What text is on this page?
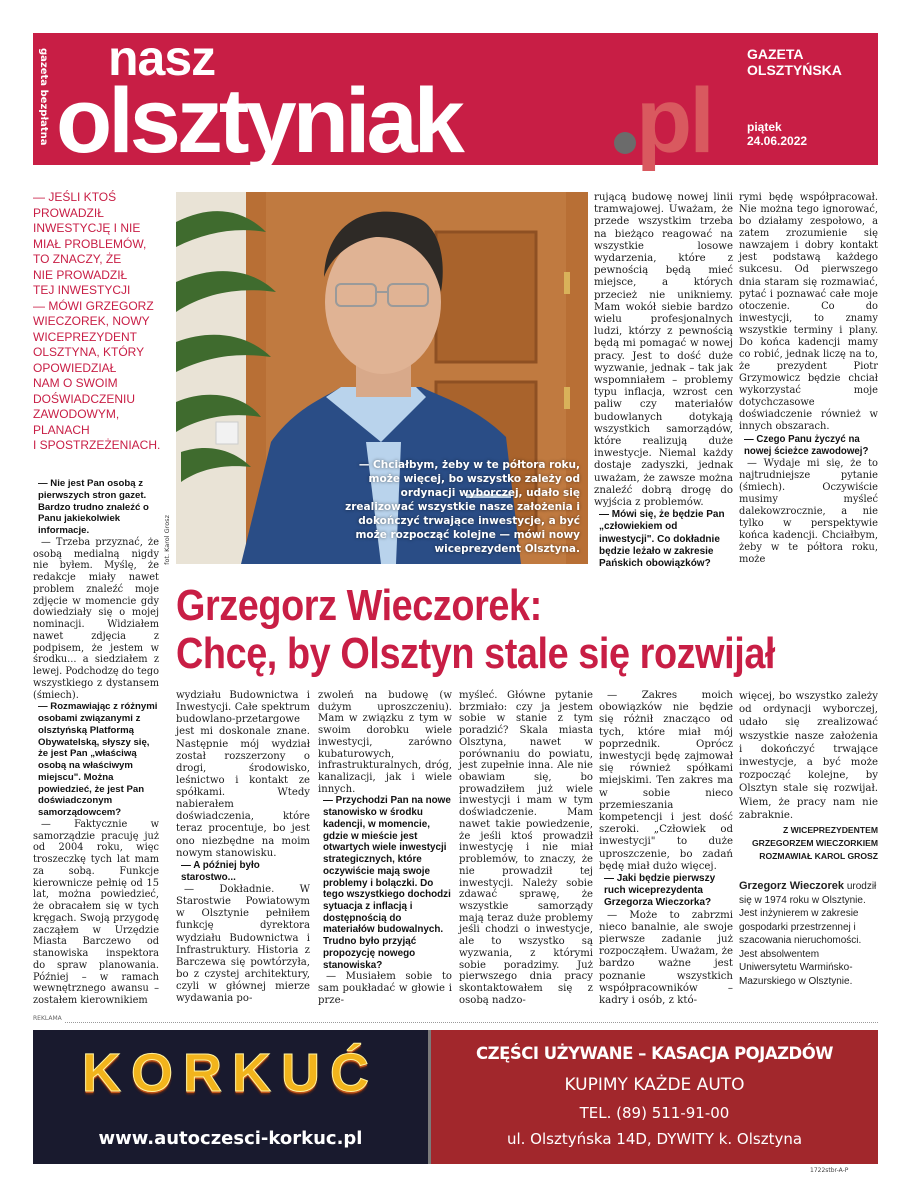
gazeta bezpłatna nasz
olsztyniak pl
GAZETA
OLSZTYŃSKA
piątek
24.06.2022
— JEŚLI KTOŚ
PROWADZIŁ
INWESTYCJĘ I NIE
MIAŁ PROBLEMÓW,
TO ZNACZY, ŻE
NIE PROWADZIŁ
TEJ INWESTYCJI
— MÓWI GRZEGORZ
WIECZOREK, NOWY
WICEPREZYDENT
OLSZTYNA, KTÓRY
OPOWIEDZIAŁ
NAM O SWOIM
DOŚWIADCZENIU
ZAWODOWYM,
PLANACH
I SPOSTRZEŻENIACH.
— Chciałbym, żeby w te półtora roku, może więcej, bo wszystko zależy od ordynacji wyborczej, udało się zrealizować wszystkie nasze założenia i dokończyć trwające inwestycje, a być może rozpocząć kolejne — mówi nowy wiceprezydent Olsztyna.
fot. Karol Grosz

— Nie jest Pan osobą z pierwszych stron gazet. Bardzo trudno znaleźć o Panu jakiekolwiek informacje.

— Trzeba przyznać, że osobą medialną nigdy nie byłem. Myślę, że redakcje miały nawet problem znaleźć moje zdjęcie w momencie gdy dowiedziały się o mojej nominacji. Widziałem nawet zdjęcia z podpisem, że jestem w środku... a siedziałem z lewej. Podchodzę do tego wszystkiego z dystansem (śmiech).

— Rozmawiając z różnymi osobami związanymi z olsztyńską Platformą Obywatelską, słyszy się, że jest Pan „właściwą osobą na właściwym miejscu". Można powiedzieć, że jest Pan doświadczonym samorządowcem?

— Faktycznie w samorządzie pracuję już od 2004 roku, więc troszeczkę tych lat mam za sobą. Funkcje kierownicze pełnię od 15 lat, można powiedzieć, że obracałem się w tych kręgach. Swoją przygodę zacząłem w Urzędzie Miasta Barczewo od stanowiska inspektora do spraw planowania. Później – w ramach wewnętrznego awansu – zostałem kierownikiem

rującą budowę nowej linii tramwajowej. Uważam, że przede wszystkim trzeba na bieżąco reagować na wszystkie losowe wydarzenia, które z pewnością będą mieć miejsce, a których przecież nie unikniemy. Mam wokół siebie bardzo wielu profesjonalnych ludzi, którzy z pewnością będą mi pomagać w nowej pracy. Jest to dość duże wyzwanie, jednak – tak jak wspomniałem – problemy typu inflacja, wzrost cen paliw czy materiałów budowlanych dotykają wszystkich samorządów, które realizują duże inwestycje. Niemal każdy dostaje zadyszki, jednak uważam, że zawsze można znaleźć dobrą drogę do wyjścia z problemów.

— Mówi się, że będzie Pan „człowiekiem od inwestycji". Co dokładnie będzie leżało w zakresie Pańskich obowiązków?

rymi będę współpracował. Nie można tego ignorować, bo działamy zespołowo, a zatem zrozumienie się nawzajem i dobry kontakt jest podstawą każdego sukcesu. Od pierwszego dnia staram się rozmawiać, pytać i poznawać całe moje otoczenie. Co do inwestycji, to znamy wszystkie terminy i plany. Do końca kadencji mamy co robić, jednak liczę na to, że prezydent Piotr Grzymowicz będzie chciał wykorzystać moje dotychczasowe doświadczenie również w innych obszarach.

— Czego Panu życzyć na nowej ścieżce zawodowej?

— Wydaje mi się, że to najtrudniejsze pytanie (śmiech). Oczywiście musimy myśleć dalekowzrocznie, a nie tylko w perspektywie końca kadencji. Chciałbym, żeby w te półtora roku, może

Grzegorz Wieczorek:
Chcę, by Olsztyn stale się rozwijał

wydziału Budownictwa i Inwestycji. Całe spektrum budowlano-przetargowe jest mi doskonale znane. Następnie mój wydział został rozszerzony o drogi, środowisko, leśnictwo i kontakt ze spółkami. Wtedy nabierałem doświadczenia, które teraz procentuje, bo jest ono niezbędne na moim nowym stanowisku.

— A później było starostwo...

— Dokładnie. W Starostwie Powiatowym w Olsztynie pełniłem funkcję dyrektora wydziału Budownictwa i Infrastruktury. Historia z Barczewa się powtórzyła, bo z czystej architektury, czyli w głównej mierze wydawania po-

zwoleń na budowę (w dużym uproszczeniu). Mam w związku z tym w swoim dorobku wiele inwestycji, zarówno kubaturowych, infrastrukturalnych, dróg, kanalizacji, jak i wiele innych.

— Przychodzi Pan na nowe stanowisko w środku kadencji, w momencie, gdzie w mieście jest otwartych wiele inwestycji strategicznych, które oczywiście mają swoje problemy i bolączki. Do tego wszystkiego dochodzi sytuacja z inflacją i dostępnością do materiałów budowalnych. Trudno było przyjąć propozycję nowego stanowiska?

— Musiałem sobie to sam poukładać w głowie i prze-

myśleć. Główne pytanie brzmiało: czy ja jestem sobie w stanie z tym poradzić? Skala miasta Olsztyna, nawet w porównaniu do powiatu, jest zupełnie inna. Ale nie obawiam się, bo prowadziłem już wiele inwestycji i mam w tym doświadczenie. Mam nawet takie powiedzenie, że jeśli ktoś prowadził inwestycję i nie miał problemów, to znaczy, że nie prowadził tej inwestycji. Należy sobie zdawać sprawę, że wszystkie samorządy mają teraz duże problemy jeśli chodzi o inwestycje, ale to wszystko są wyzwania, z którymi sobie poradzimy. Już pierwszego dnia pracy skontaktowałem się z osobą nadzo-

— Zakres moich obowiązków nie będzie się różnił znacząco od tych, które miał mój poprzednik. Oprócz inwestycji będę zajmował się również spółkami miejskimi. Ten zakres ma w sobie nieco przemieszania kompetencji i jest dość szeroki. „Człowiek od inwestycji" to duże uproszczenie, bo zadań będę miał dużo więcej.

— Jaki będzie pierwszy ruch wiceprezydenta Grzegorza Wieczorka?

— Może to zabrzmi nieco banalnie, ale swoje pierwsze zadanie już rozpocząłem. Uważam, że bardzo ważne jest poznanie wszystkich współpracowników – kadry i osób, z któ-

więcej, bo wszystko zależy od ordynacji wyborczej, udało się zrealizować wszystkie nasze założenia i dokończyć trwające inwestycje, a być może rozpocząć kolejne, by Olsztyn stale się rozwijał. Wiem, że pracy nam nie zabraknie.

Z WICEPREZYDENTEM

GRZEGORZEM WIECZORKIEM

ROZMAWIAŁ KAROL GROSZ

Grzegorz Wieczorek urodził się w 1974 roku w Olsztynie. Jest inżynierem w zakresie gospodarki przestrzennej i szacowania nieruchomości. Jest absolwentem Uniwersytetu Warmińsko-Mazurskiego w Olsztynie.
REKLAMA
KORKUĆ
www.autoczesci-korkuc.pl
CZĘŚCI UŻYWANE – KASACJA POJAZDÓW
KUPIMY KAŻDE AUTO
TEL. (89) 511-91-00
ul. Olsztyńska 14D, DYWITY k. Olsztyna
1722stbr-A-P
